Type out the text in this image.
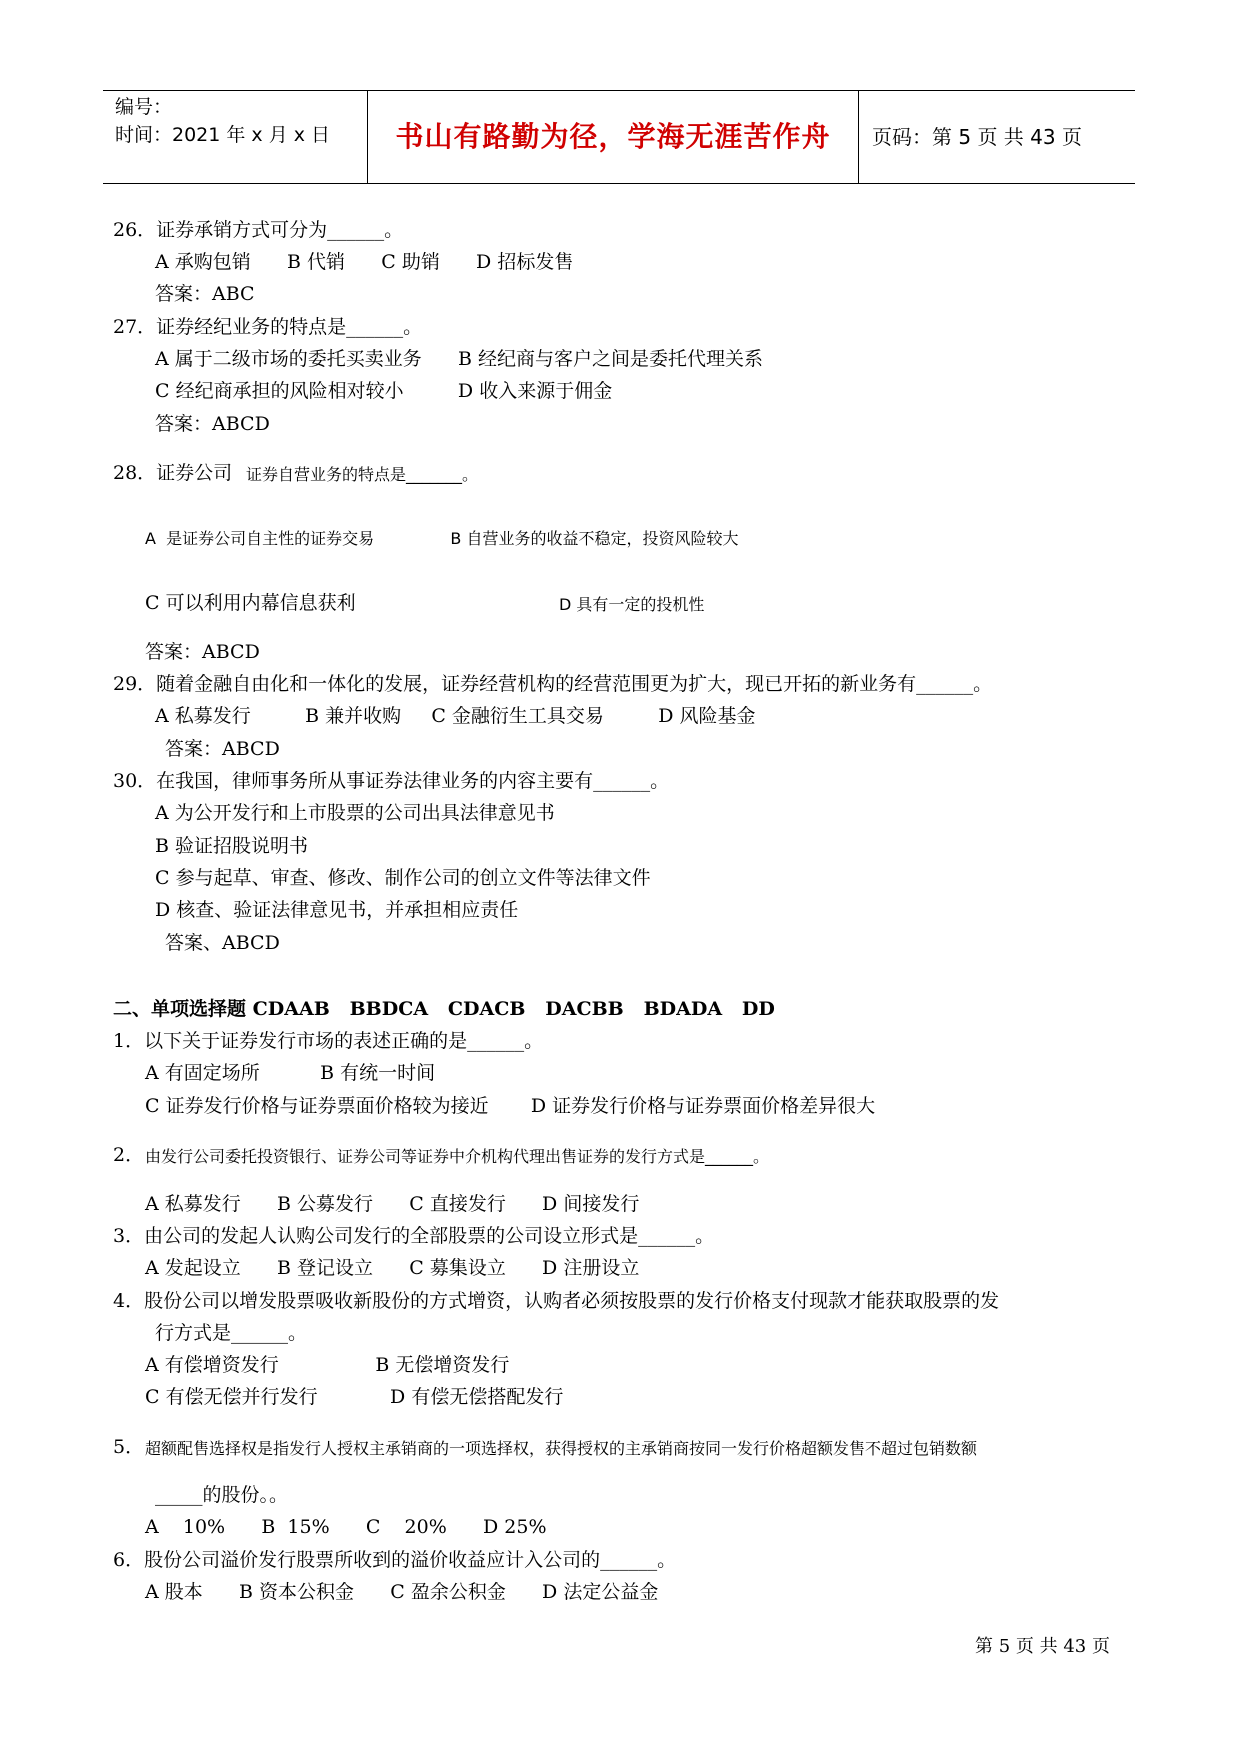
编号：
时间：2021 年 x 月 x 日	书山有路勤为径，学海无涯苦作舟	页码：第 5 页 共 43 页
26．证券承销方式可分为______。
A 承购包销      B 代销      C 助销      D 招标发售
答案：ABC
27．证券经纪业务的特点是______。
A 属于二级市场的委托买卖业务      B 经纪商与客户之间是委托代理关系
C 经纪商承担的风险相对较小         D 收入来源于佣金
答案：ABCD
28．证券公司 证券自营业务的特点是_______。
A  是证券公司自主性的证券交易               B 自营业务的收益不稳定，投资风险较大
C 可以利用内幕信息获利	D 具有一定的投机性
答案：ABCD
29．随着金融自由化和一体化的发展，证券经营机构的经营范围更为扩大，现已开拓的新业务有______。
A 私募发行         B 兼并收购     C 金融衍生工具交易         D 风险基金
答案：ABCD
30．在我国，律师事务所从事证券法律业务的内容主要有______。
A 为公开发行和上市股票的公司出具法律意见书
B 验证招股说明书
C 参与起草、审查、修改、制作公司的创立文件等法律文件
D 核查、验证法律意见书，并承担相应责任
答案、ABCD
二、单项选择题 CDAAB   BBDCA   CDACB   DACBB   BDADA   DD
1．以下关于证券发行市场的表述正确的是______。
A 有固定场所          B 有统一时间
C 证券发行价格与证券票面价格较为接近       D 证券发行价格与证券票面价格差异很大
2． 由发行公司委托投资银行、证券公司等证券中介机构代理出售证券的发行方式是______。
A 私募发行      B 公募发行      C 直接发行      D 间接发行
3．由公司的发起人认购公司发行的全部股票的公司设立形式是______。
A 发起设立      B 登记设立      C 募集设立      D 注册设立
4．股份公司以增发股票吸收新股份的方式增资，认购者必须按股票的发行价格支付现款才能获取股票的发
行方式是______。
A 有偿增资发行                B 无偿增资发行
C 有偿无偿并行发行            D 有偿无偿搭配发行
5． 超额配售选择权是指发行人授权主承销商的一项选择权，获得授权的主承销商按同一发行价格超额发售不超过包销数额
_____的股份。。
A    10%      B  15%      C    20%      D 25%
6．股份公司溢价发行股票所收到的溢价收益应计入公司的______。
A 股本      B 资本公积金      C 盈余公积金      D 法定公益金
第 5 页 共 43 页
